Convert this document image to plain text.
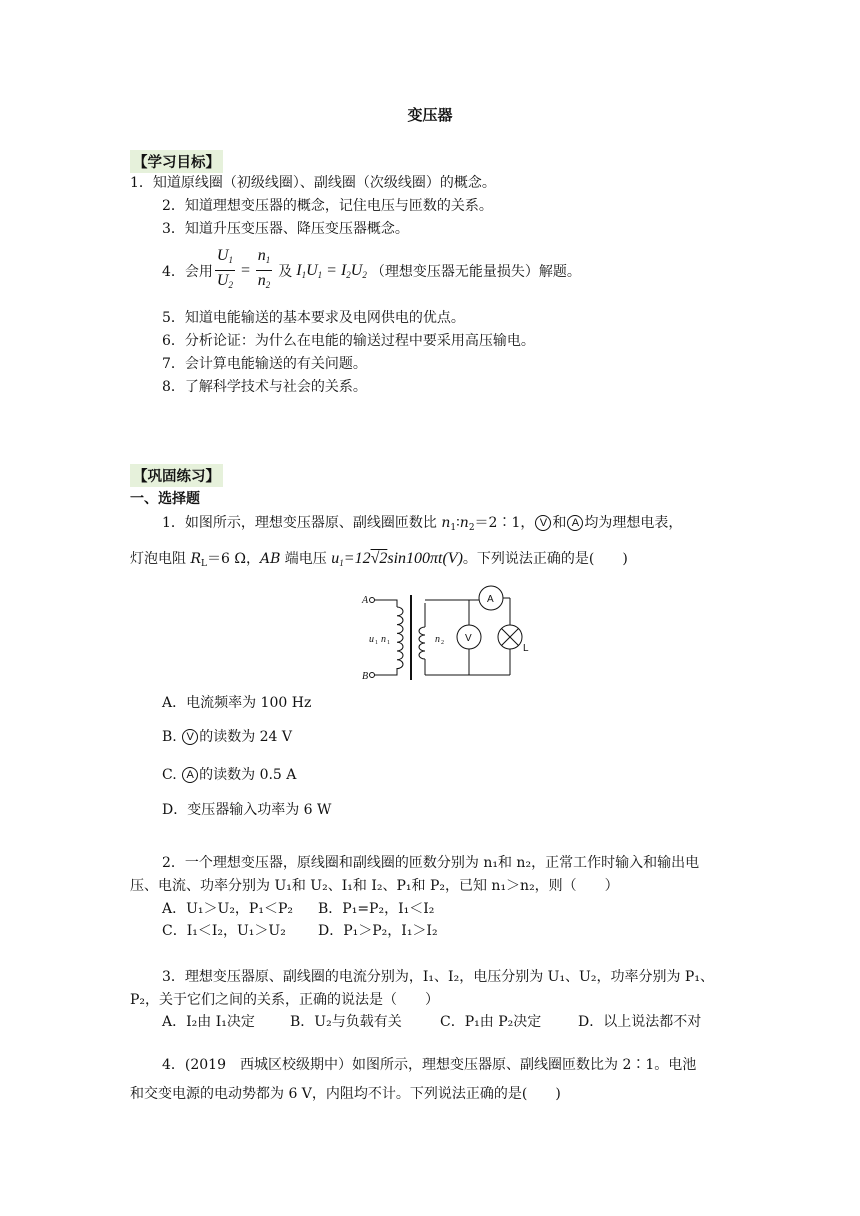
变压器
【学习目标】
1．知道原线圈（初级线圈）、副线圈（次级线圈）的概念。
2．知道理想变压器的概念，记住电压与匝数的关系。
3．知道升压变压器、降压变压器概念。
4．会用 $\frac{U_1}{U_2} = \frac{n_1}{n_2}$ 及 $I_1U_1 = I_2U_2$ （理想变压器无能量损失）解题。
5．知道电能输送的基本要求及电网供电的优点。
6．分析论证：为什么在电能的输送过程中要采用高压输电。
7．会计算电能输送的有关问题。
8．了解科学技术与社会的关系。
【巩固练习】
一、选择题
1．如图所示，理想变压器原、副线圈匝数比 $n_1∶n_2=2∶1$， V 和 A 均为理想电表，
灯泡电阻 $R_L=6$ Ω，AB 端电压 $u_1=12√2\sin 100\pi t(V)$。下列说法正确的是(　　)
A
B
u 1 n 1	n 2
A
V
L
A．电流频率为 100 Hz
B. V 的读数为 24 V
C. A 的读数为 0.5 A
D．变压器输入功率为 6 W
2．一个理想变压器，原线圈和副线圈的匝数分别为 n₁和 n₂，正常工作时输入和输出电
压、电流、功率分别为 U₁和 U₂、I₁和 I₂、P₁和 P₂，已知 n₁＞n₂，则（　　）
A．U₁＞U₂，P₁＜P₂ B．P₁=P₂，I₁＜I₂
C．I₁＜I₂，U₁＞U₂ D．P₁＞P₂，I₁＞I₂
3．理想变压器原、副线圈的电流分别为，I₁、I₂，电压分别为 U₁、U₂，功率分别为 P₁、
P₂，关于它们之间的关系，正确的说法是（　　）
A．I₂由 I₁决定	B．U₂与负载有关	C．P₁由 P₂决定	D．以上说法都不对
4．(2019　西城区校级期中）如图所示，理想变压器原、副线圈匝数比为 2∶1。电池
和交变电源的电动势都为 6 V，内阻均不计。下列说法正确的是(　　)
